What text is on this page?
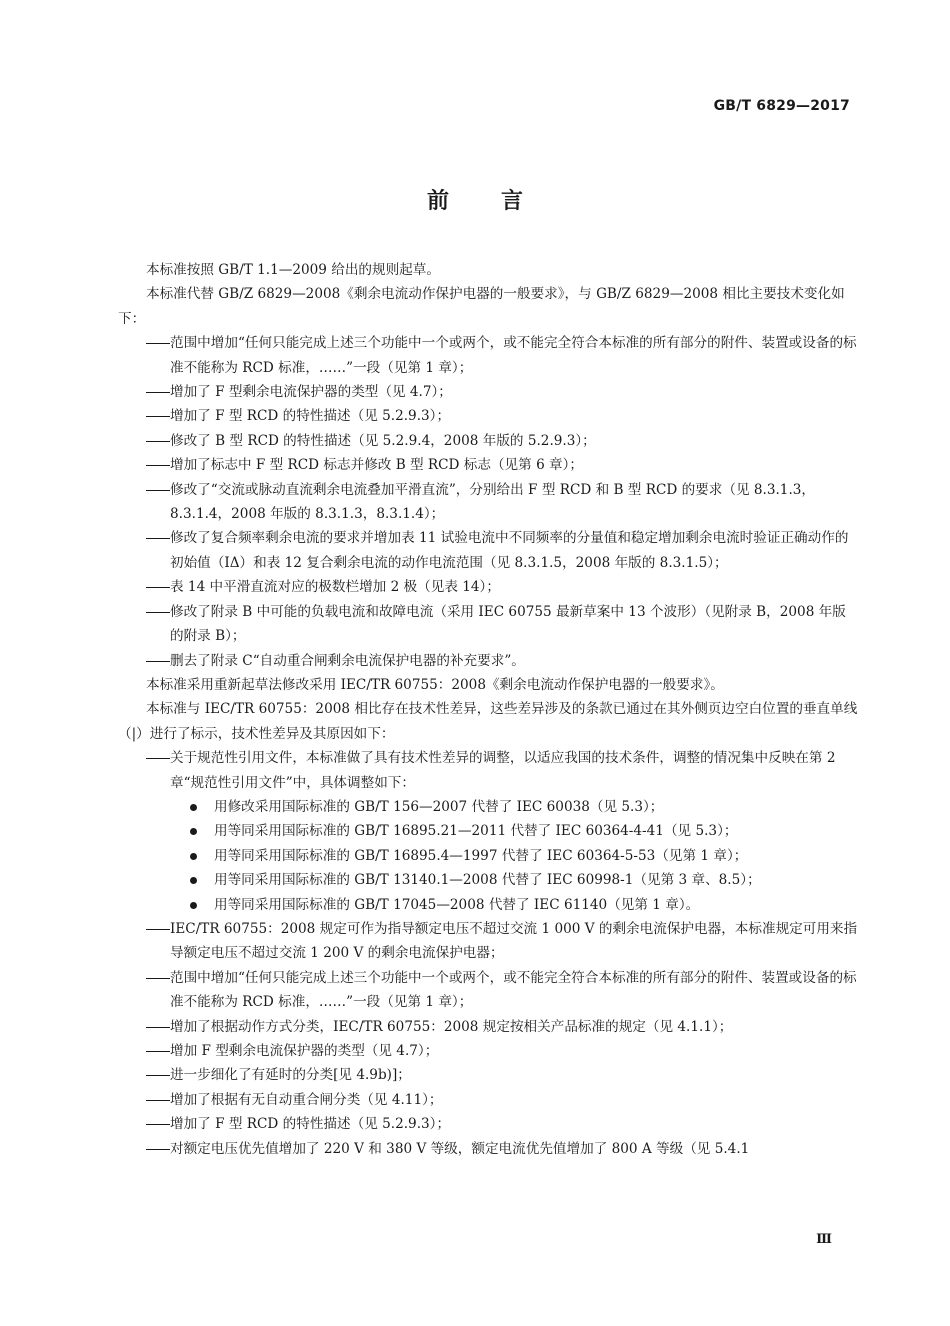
GB/T 6829—2017
前言

本标准按照 GB/T 1.1—2009 给出的规则起草。

本标准代替 GB/Z 6829—2008《剩余电流动作保护电器的一般要求》，与 GB/Z 6829—2008 相比主要技术变化如下：

范围中增加“任何只能完成上述三个功能中一个或两个，或不能完全符合本标准的所有部分的附件、装置或设备的标准不能称为 RCD 标准，……”一段（见第 1 章）；

增加了 F 型剩余电流保护器的类型（见 4.7）；

增加了 F 型 RCD 的特性描述（见 5.2.9.3）；

修改了 B 型 RCD 的特性描述（见 5.2.9.4，2008 年版的 5.2.9.3）；

增加了标志中 F 型 RCD 标志并修改 B 型 RCD 标志（见第 6 章）；

修改了“交流或脉动直流剩余电流叠加平滑直流”，分别给出 F 型 RCD 和 B 型 RCD 的要求（见 8.3.1.3，8.3.1.4，2008 年版的 8.3.1.3，8.3.1.4）；

修改了复合频率剩余电流的要求并增加表 11 试验电流中不同频率的分量值和稳定增加剩余电流时验证正确动作的初始值（IΔ）和表 12 复合剩余电流的动作电流范围（见 8.3.1.5，2008 年版的 8.3.1.5）；

表 14 中平滑直流对应的极数栏增加 2 极（见表 14）；

修改了附录 B 中可能的负载电流和故障电流（采用 IEC 60755 最新草案中 13 个波形）（见附录 B，2008 年版的附录 B）；

删去了附录 C“自动重合闸剩余电流保护电器的补充要求”。

本标准采用重新起草法修改采用 IEC/TR 60755：2008《剩余电流动作保护电器的一般要求》。

本标准与 IEC/TR 60755：2008 相比存在技术性差异，这些差异涉及的条款已通过在其外侧页边空白位置的垂直单线（|）进行了标示，技术性差异及其原因如下：

关于规范性引用文件，本标准做了具有技术性差异的调整，以适应我国的技术条件，调整的情况集中反映在第 2 章“规范性引用文件”中，具体调整如下：

用修改采用国际标准的 GB/T 156—2007 代替了 IEC 60038（见 5.3）；

用等同采用国际标准的 GB/T 16895.21—2011 代替了 IEC 60364-4-41（见 5.3）；

用等同采用国际标准的 GB/T 16895.4—1997 代替了 IEC 60364-5-53（见第 1 章）；

用等同采用国际标准的 GB/T 13140.1—2008 代替了 IEC 60998-1（见第 3 章、8.5）；

用等同采用国际标准的 GB/T 17045—2008 代替了 IEC 61140（见第 1 章）。

IEC/TR 60755：2008 规定可作为指导额定电压不超过交流 1 000 V 的剩余电流保护电器，本标准规定可用来指导额定电压不超过交流 1 200 V 的剩余电流保护电器；

范围中增加“任何只能完成上述三个功能中一个或两个，或不能完全符合本标准的所有部分的附件、装置或设备的标准不能称为 RCD 标准，……”一段（见第 1 章）；

增加了根据动作方式分类，IEC/TR 60755：2008 规定按相关产品标准的规定（见 4.1.1）；

增加 F 型剩余电流保护器的类型（见 4.7）；

进一步细化了有延时的分类[见 4.9b)]；

增加了根据有无自动重合闸分类（见 4.11）；

增加了 F 型 RCD 的特性描述（见 5.2.9.3）；

对额定电压优先值增加了 220 V 和 380 V 等级，额定电流优先值增加了 800 A 等级（见 5.4.1

Ⅲ
